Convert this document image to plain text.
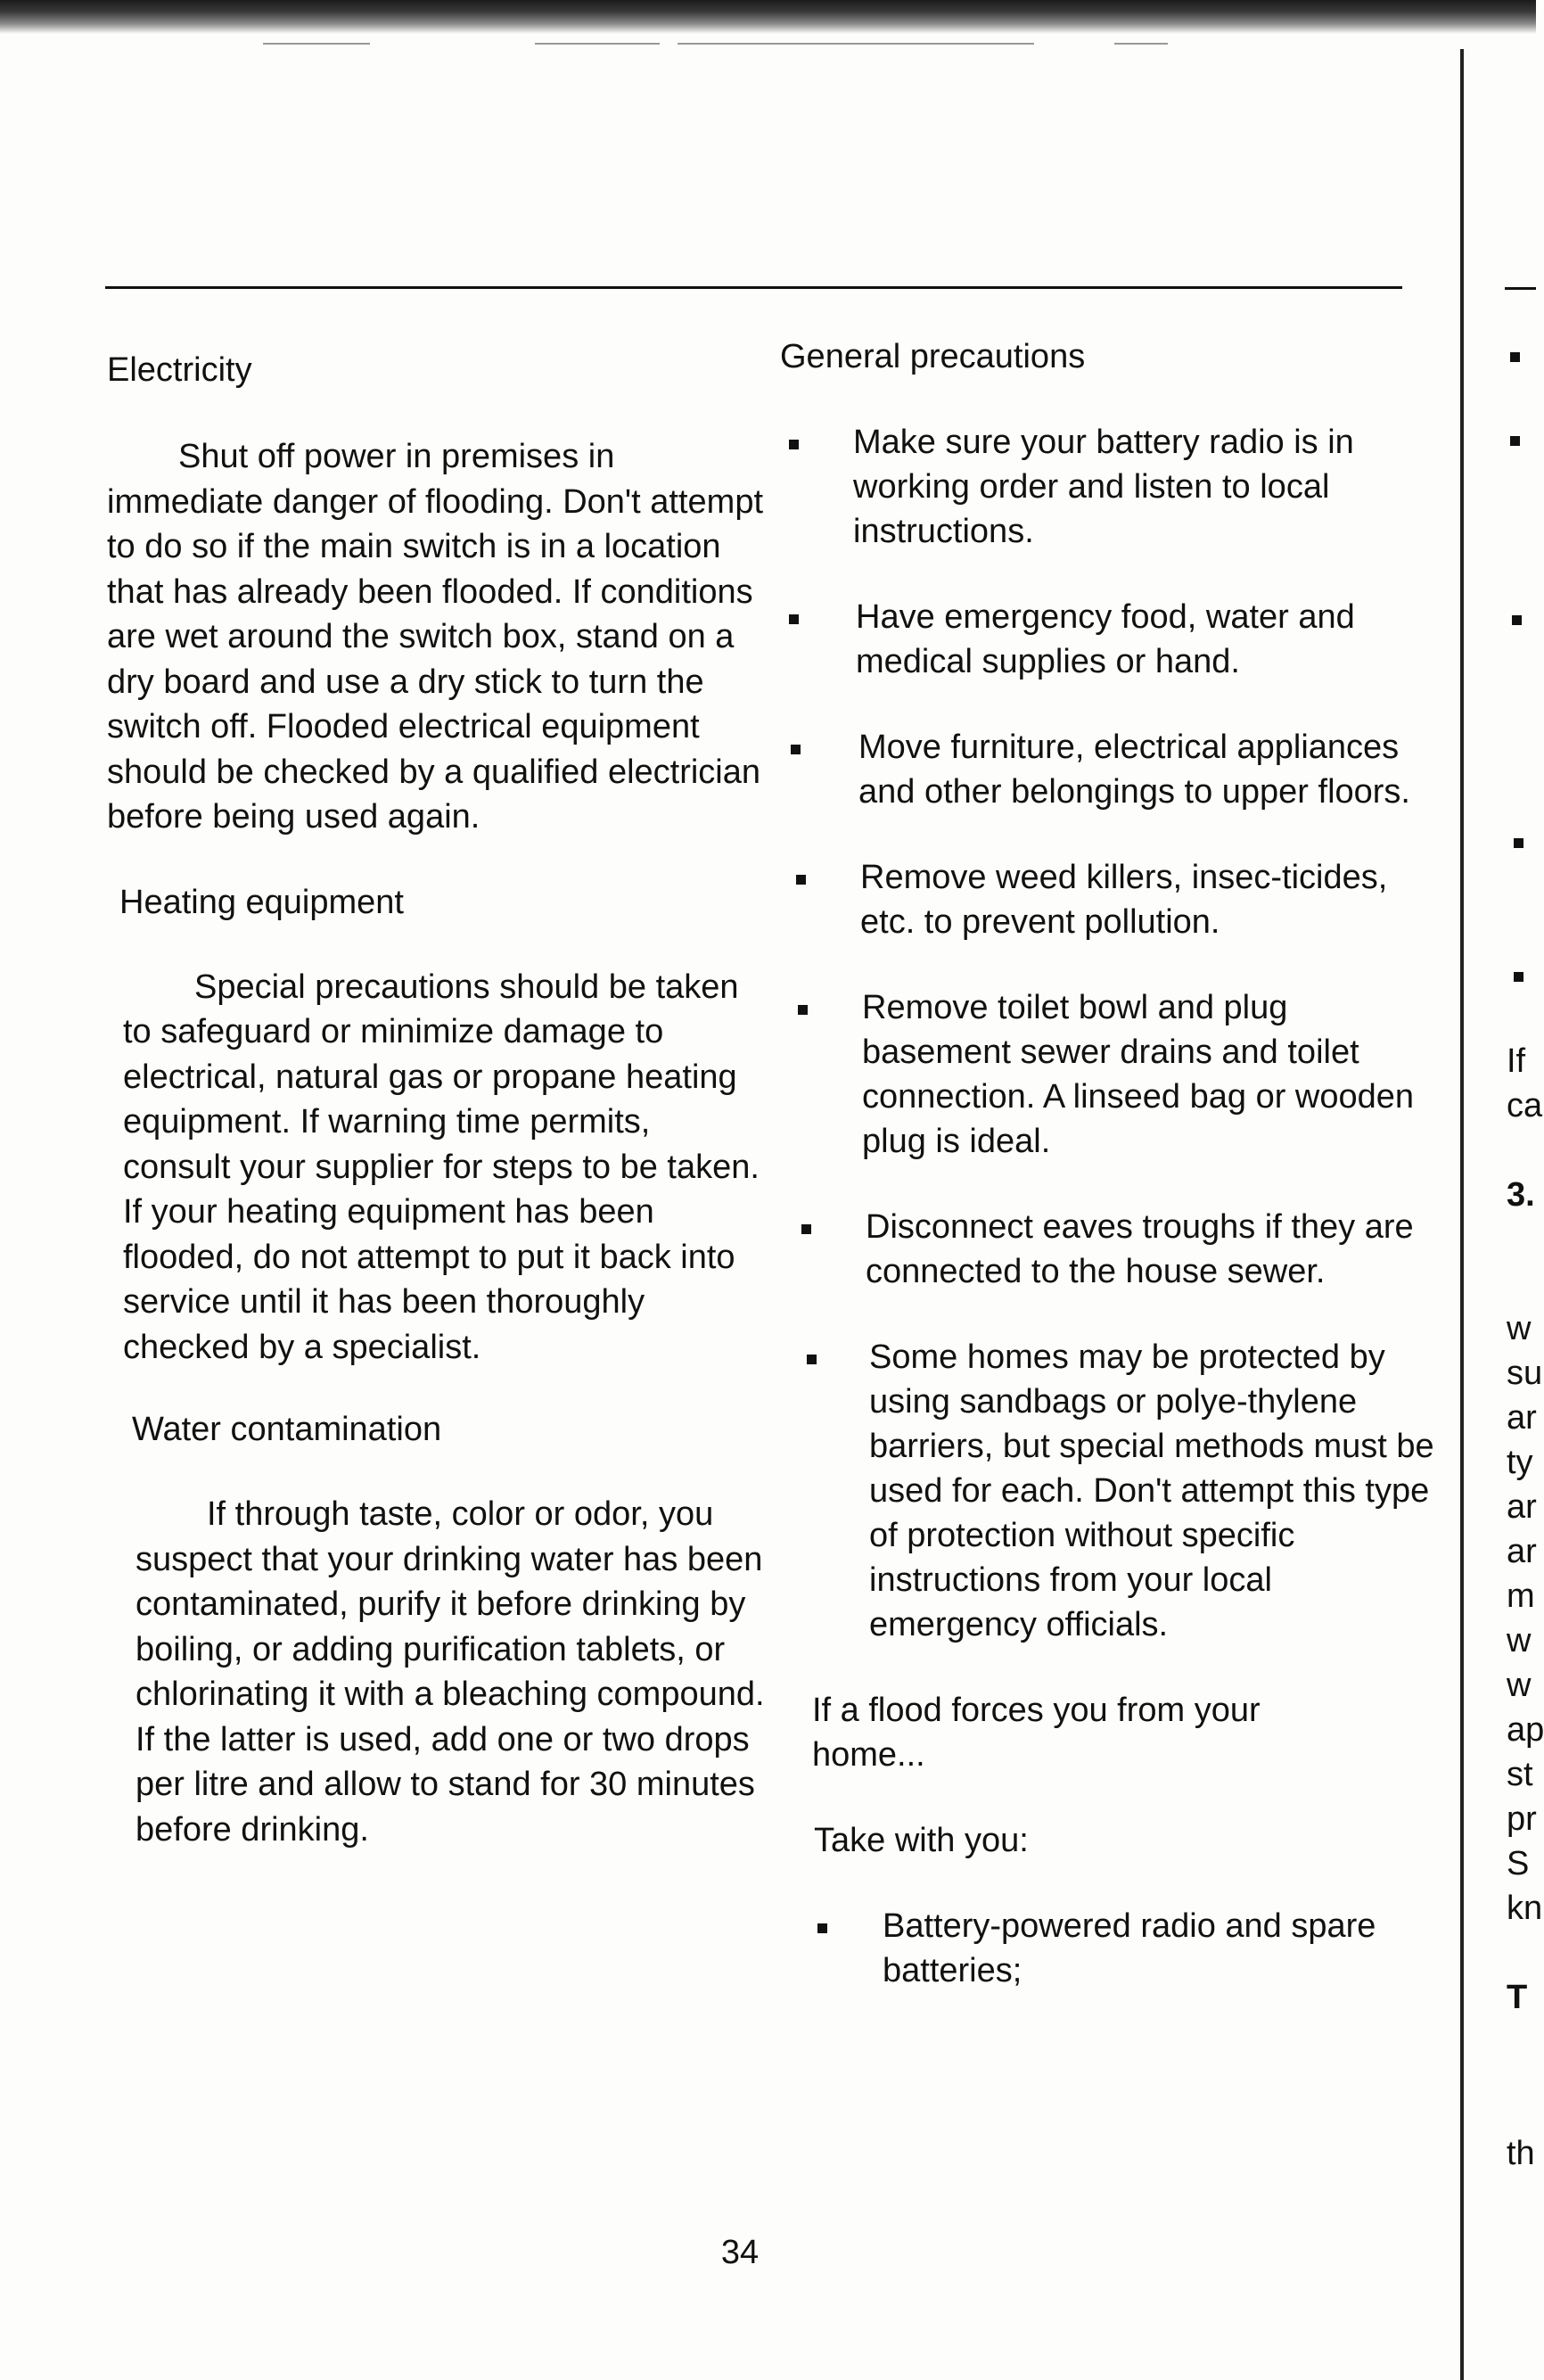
Electricity

Shut off power in premises in immediate danger of flooding. Don't attempt to do so if the main switch is in a location that has already been flooded. If conditions are wet around the switch box, stand on a dry board and use a dry stick to turn the switch off. Flooded electrical equipment should be checked by a qualified electrician before being used again.

Heating equipment

Special precautions should be taken to safeguard or minimize damage to electrical, natural gas or propane heating equipment. If warning time permits, consult your supplier for steps to be taken. If your heating equipment has been flooded, do not attempt to put it back into service until it has been thoroughly checked by a specialist.

Water contamination

If through taste, color or odor, you suspect that your drinking water has been contaminated, purify it before drinking by boiling, or adding purification tablets, or chlorinating it with a bleaching compound. If the latter is used, add one or two drops per litre and allow to stand for 30 minutes before drinking.

General precautions
Make sure your battery radio is in working order and listen to local instructions.
Have emergency food, water and medical supplies or hand.
Move furniture, electrical appliances and other belongings to upper floors.
Remove weed killers, insec-ticides, etc. to prevent pollution.
Remove toilet bowl and plug basement sewer drains and toilet connection. A linseed bag or wooden plug is ideal.
Disconnect eaves troughs if they are connected to the house sewer.
Some homes may be protected by using sandbags or polye-thylene barriers, but special methods must be used for each. Don't attempt this type of protection without specific instructions from your local emergency officials.

If a flood forces you from your home...

Take with you:

Battery-powered radio and spare batteries;
If
ca
3.
w
su
ar
ty
ar
ar
m
w
w
ap
st
pr
S
kn
T
th
34
